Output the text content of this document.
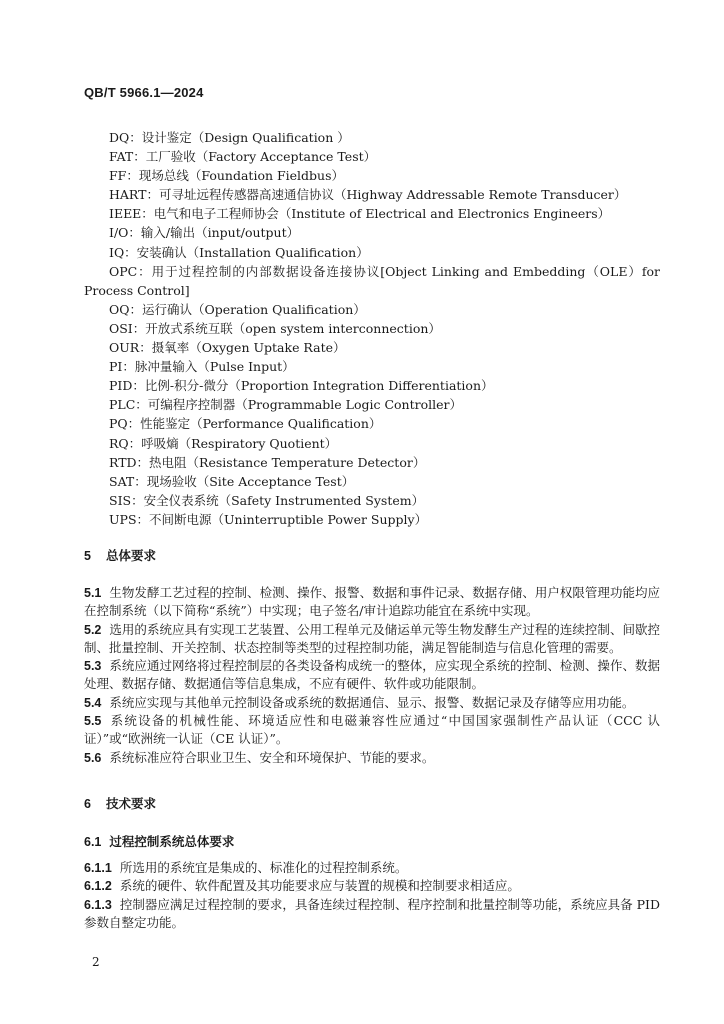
QB/T 5966.1—2024
DQ：设计鉴定（Design Qualification ）
FAT：工厂验收（Factory Acceptance Test）
FF：现场总线（Foundation Fieldbus）
HART：可寻址远程传感器高速通信协议（Highway Addressable Remote Transducer）
IEEE：电气和电子工程师协会（Institute of Electrical and Electronics Engineers）
I/O：输入/输出（input/output）
IQ：安装确认（Installation Qualification）
OPC：用于过程控制的内部数据设备连接协议[Object Linking and Embedding（OLE）for Process Control]
OQ：运行确认（Operation Qualification）
OSI：开放式系统互联（open system interconnection）
OUR：摄氧率（Oxygen Uptake Rate）
PI：脉冲量输入（Pulse Input）
PID：比例-积分-微分（Proportion Integration Differentiation）
PLC：可编程序控制器（Programmable Logic Controller）
PQ：性能鉴定（Performance Qualification）
RQ：呼吸熵（Respiratory Quotient）
RTD：热电阻（Resistance Temperature Detector）
SAT：现场验收（Site Acceptance Test）
SIS：安全仪表系统（Safety Instrumented System）
UPS：不间断电源（Uninterruptible Power Supply）
5 总体要求
5.1 生物发酵工艺过程的控制、检测、操作、报警、数据和事件记录、数据存储、用户权限管理功能均应在控制系统（以下简称“系统”）中实现；电子签名/审计追踪功能宜在系统中实现。
5.2 选用的系统应具有实现工艺装置、公用工程单元及储运单元等生物发酵生产过程的连续控制、间歇控制、批量控制、开关控制、状态控制等类型的过程控制功能，满足智能制造与信息化管理的需要。
5.3 系统应通过网络将过程控制层的各类设备构成统一的整体，应实现全系统的控制、检测、操作、数据处理、数据存储、数据通信等信息集成，不应有硬件、软件或功能限制。
5.4 系统应实现与其他单元控制设备或系统的数据通信、显示、报警、数据记录及存储等应用功能。
5.5 系统设备的机械性能、环境适应性和电磁兼容性应通过“中国国家强制性产品认证（CCC 认证）”或“欧洲统一认证（CE 认证）”。
5.6 系统标准应符合职业卫生、安全和环境保护、节能的要求。
6 技术要求
6.1 过程控制系统总体要求
6.1.1 所选用的系统宜是集成的、标准化的过程控制系统。
6.1.2 系统的硬件、软件配置及其功能要求应与装置的规模和控制要求相适应。
6.1.3 控制器应满足过程控制的要求，具备连续过程控制、程序控制和批量控制等功能，系统应具备 PID 参数自整定功能。
2
